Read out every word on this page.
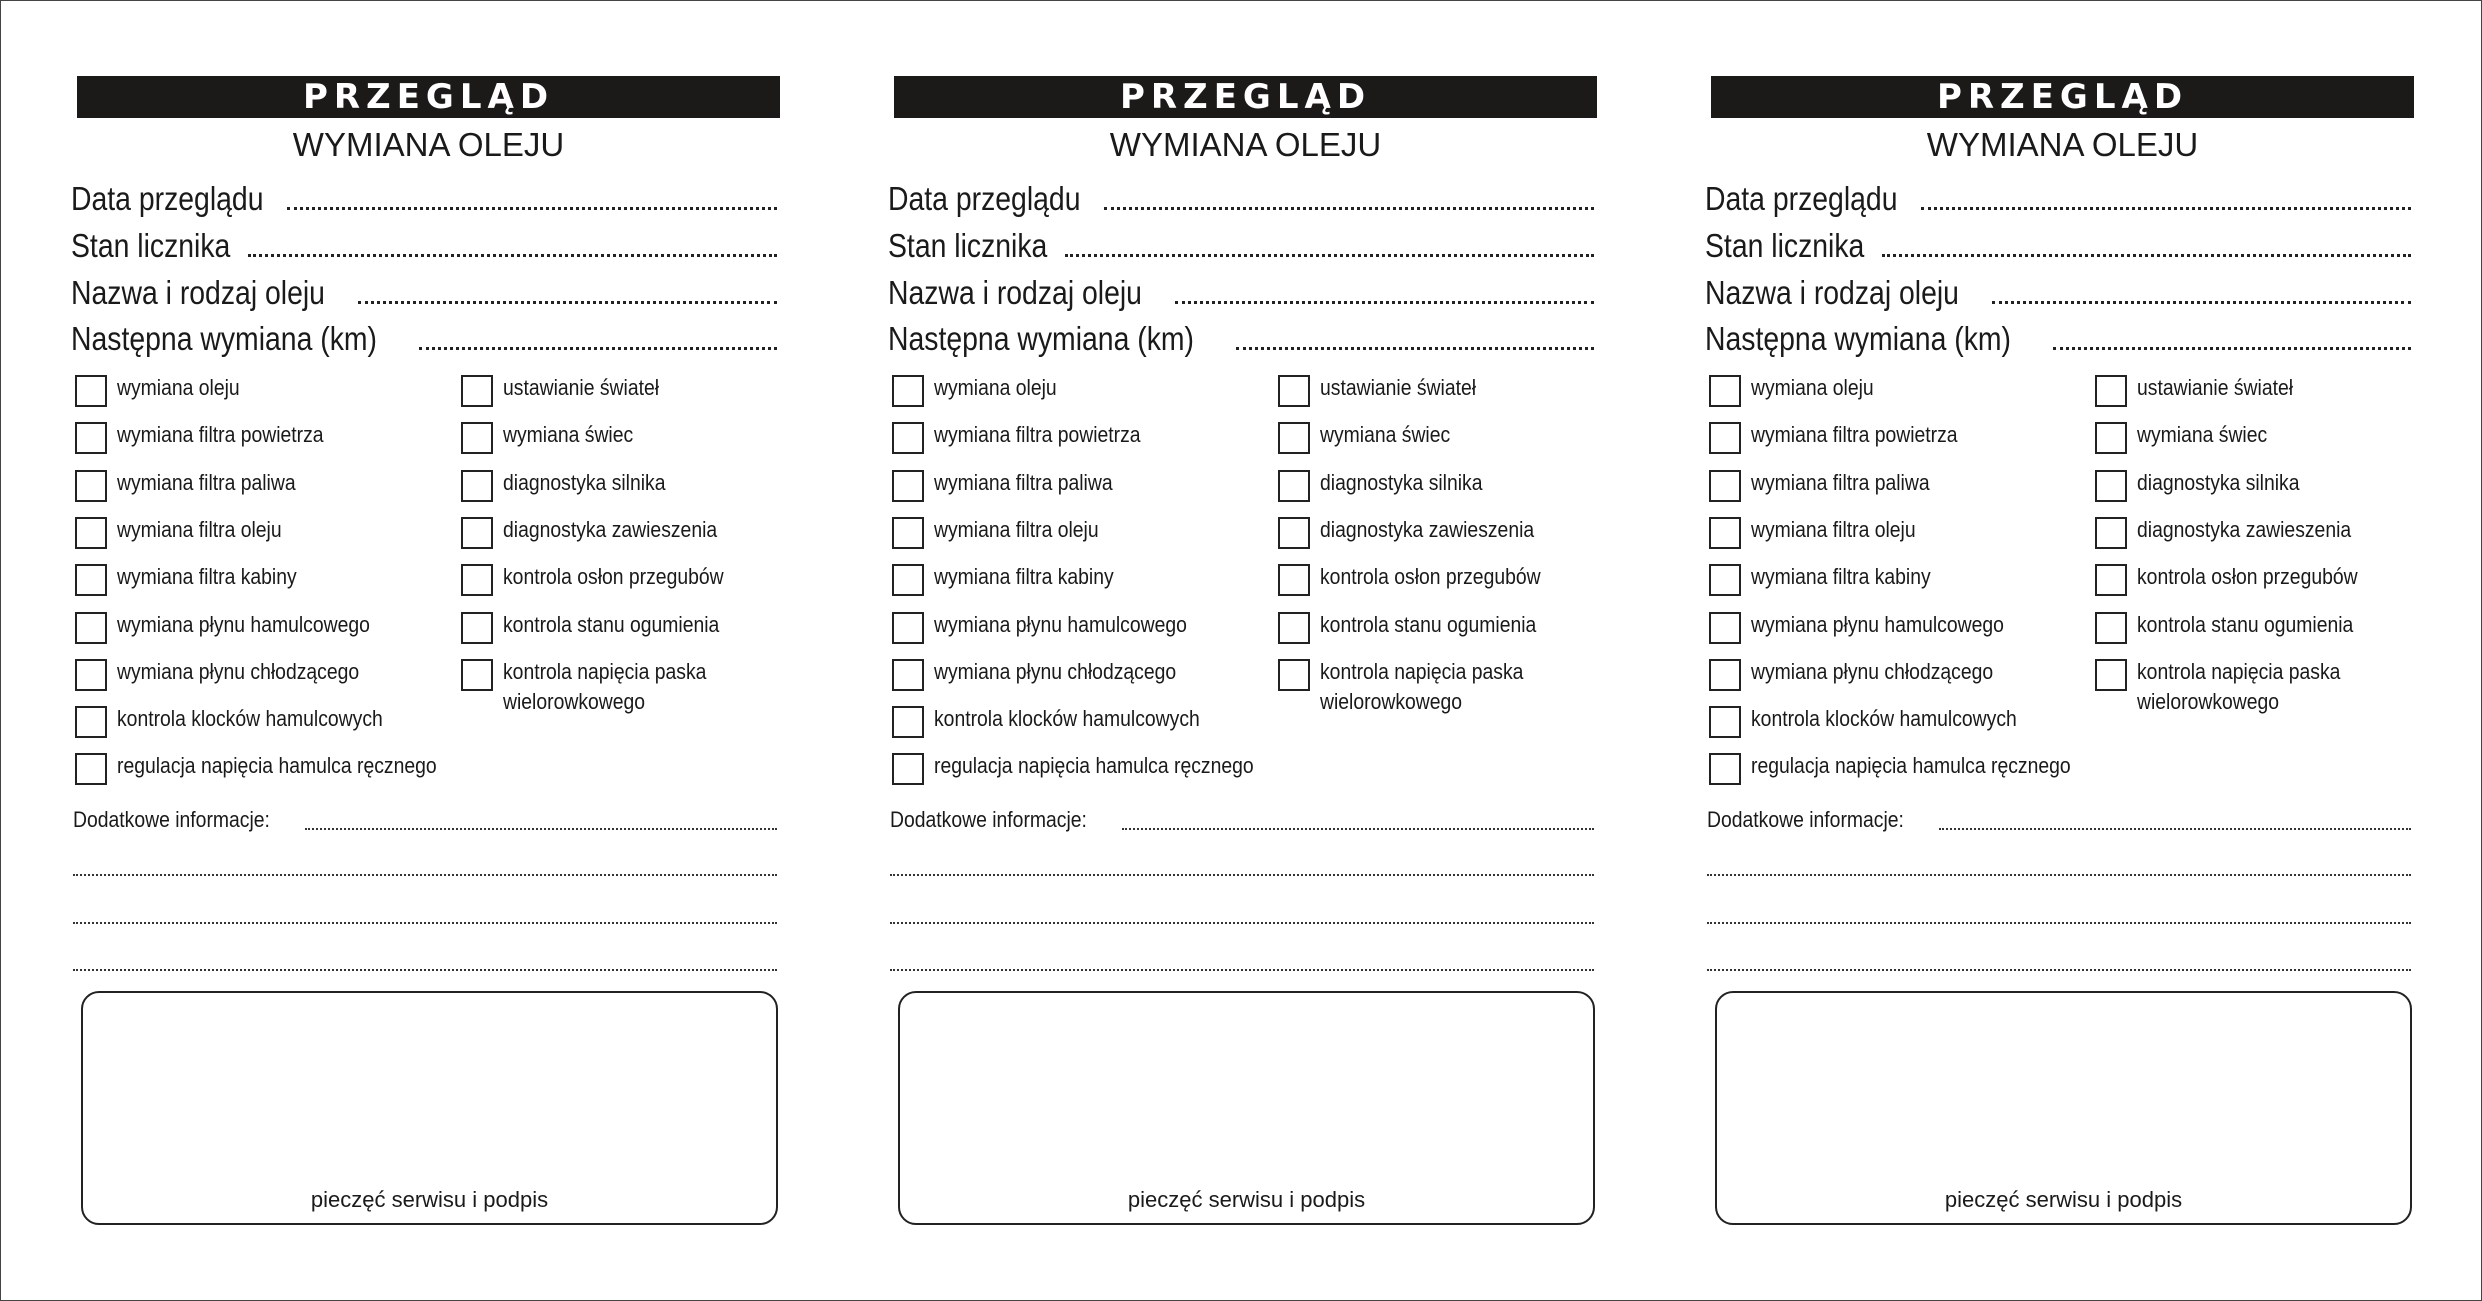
PRZEGLĄD
WYMIANA OLEJU
Data przeglądu
Stan licznika
Nazwa i rodzaj oleju
Następna wymiana (km)
wymiana oleju
wymiana filtra powietrza
wymiana filtra paliwa
wymiana filtra oleju
wymiana filtra kabiny
wymiana płynu hamulcowego
wymiana płynu chłodzącego
kontrola klocków hamulcowych
regulacja napięcia hamulca ręcznego
ustawianie świateł
wymiana świec
diagnostyka silnika
diagnostyka zawieszenia
kontrola osłon przegubów
kontrola stanu ogumienia
kontrola napięcia paska wielorowkowego
Dodatkowe informacje:
pieczęć serwisu i podpis
PRZEGLĄD
WYMIANA OLEJU
Data przeglądu
Stan licznika
Nazwa i rodzaj oleju
Następna wymiana (km)
wymiana oleju
wymiana filtra powietrza
wymiana filtra paliwa
wymiana filtra oleju
wymiana filtra kabiny
wymiana płynu hamulcowego
wymiana płynu chłodzącego
kontrola klocków hamulcowych
regulacja napięcia hamulca ręcznego
ustawianie świateł
wymiana świec
diagnostyka silnika
diagnostyka zawieszenia
kontrola osłon przegubów
kontrola stanu ogumienia
kontrola napięcia paska wielorowkowego
Dodatkowe informacje:
pieczęć serwisu i podpis
PRZEGLĄD
WYMIANA OLEJU
Data przeglądu
Stan licznika
Nazwa i rodzaj oleju
Następna wymiana (km)
wymiana oleju
wymiana filtra powietrza
wymiana filtra paliwa
wymiana filtra oleju
wymiana filtra kabiny
wymiana płynu hamulcowego
wymiana płynu chłodzącego
kontrola klocków hamulcowych
regulacja napięcia hamulca ręcznego
ustawianie świateł
wymiana świec
diagnostyka silnika
diagnostyka zawieszenia
kontrola osłon przegubów
kontrola stanu ogumienia
kontrola napięcia paska wielorowkowego
Dodatkowe informacje:
pieczęć serwisu i podpis
